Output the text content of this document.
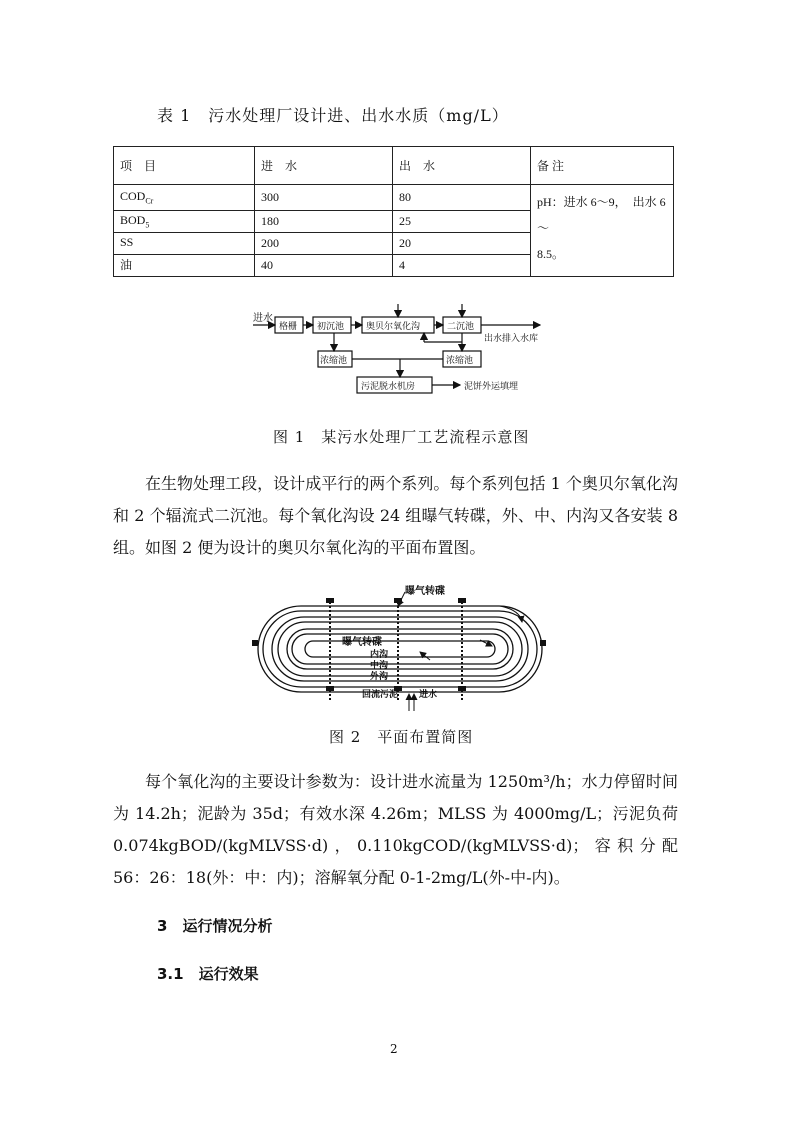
表 1　污水处理厂设计进、出水水质（mg/L）
项　目	进　水	出　水	备 注
$COD_{Cr}$	300	80	pH：进水 6～9，　出水 6～
8.5。

$BOD_5$	180	25	
SS	200	20	
油	40	4	
进水
格栅 初沉池 奥贝尔氧化沟	二沉池
出水排入水库
浓缩池	浓缩池
污泥脱水机房	泥饼外运填埋
图 1　某污水处理厂工艺流程示意图

在生物处理工段，设计成平行的两个系列。每个系列包括 1 个奥贝尔氧化沟和 2 个辐流式二沉池。每个氧化沟设 24 组曝气转碟，外、中、内沟又各安装 8 组。如图 2 便为设计的奥贝尔氧化沟的平面布置图。

曝气转碟
曝气转碟
内沟
中沟
外沟
回流污泥 进水
图 2　平面布置简图

每个氧化沟的主要设计参数为：设计进水流量为 1250m³/h；水力停留时间为 14.2h；泥龄为 35d；有效水深 4.26m；MLSS 为 4000mg/L；污泥负荷 0.074kgBOD/(kgMLVSS·d)，0.110kgCOD/(kgMLVSS·d)；容积分配 56：26：18(外：中：内)；溶解氧分配 0-1-2mg/L(外-中-内)。

3　 运行情况分析
3.1　 运行效果
2
